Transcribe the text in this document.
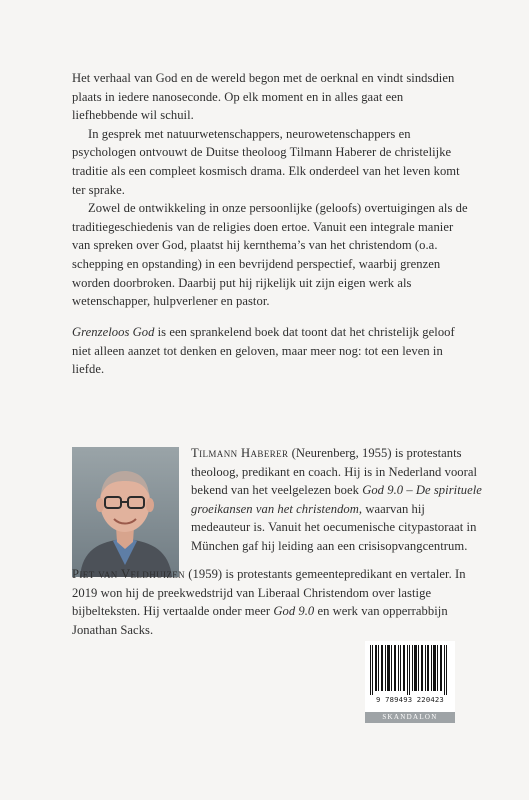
Het verhaal van God en de wereld begon met de oerknal en vindt sindsdien plaats in iedere nanoseconde. Op elk moment en in alles gaat een liefhebbende wil schuil.

In gesprek met natuurwetenschappers, neurowetenschappers en psychologen ontvouwt de Duitse theoloog Tilmann Haberer de christelijke traditie als een compleet kosmisch drama. Elk onderdeel van het leven komt ter sprake.

Zowel de ontwikkeling in onze persoonlijke (geloofs) overtuigingen als de traditiegeschiedenis van de religies doen ertoe. Vanuit een integrale manier van spreken over God, plaatst hij kernthema’s van het christendom (o.a. schepping en opstanding) in een bevrijdend perspectief, waarbij grenzen worden doorbroken. Daarbij put hij rijkelijk uit zijn eigen werk als wetenschapper, hulpverlener en pastor.

Grenzeloos God is een sprankelend boek dat toont dat het christelijk geloof niet alleen aanzet tot denken en geloven, maar meer nog: tot een leven in liefde.

Tilmann Haberer (Neurenberg, 1955) is protestants theoloog, predikant en coach. Hij is in Nederland vooral bekend van het veelgelezen boek God 9.0 – De spirituele groeikansen van het christendom, waarvan hij medeauteur is. Vanuit het oecumenische citypastoraat in München gaf hij leiding aan een crisisopvangcentrum.

Piet van Veldhuizen (1959) is protestants gemeentepredikant en vertaler. In 2019 won hij de preekwedstrijd van Liberaal Christendom over lastige bijbelteksten. Hij vertaalde onder meer God 9.0 en werk van opperrabbijn Jonathan Sacks.

9 789493 220423
SKANDALON
